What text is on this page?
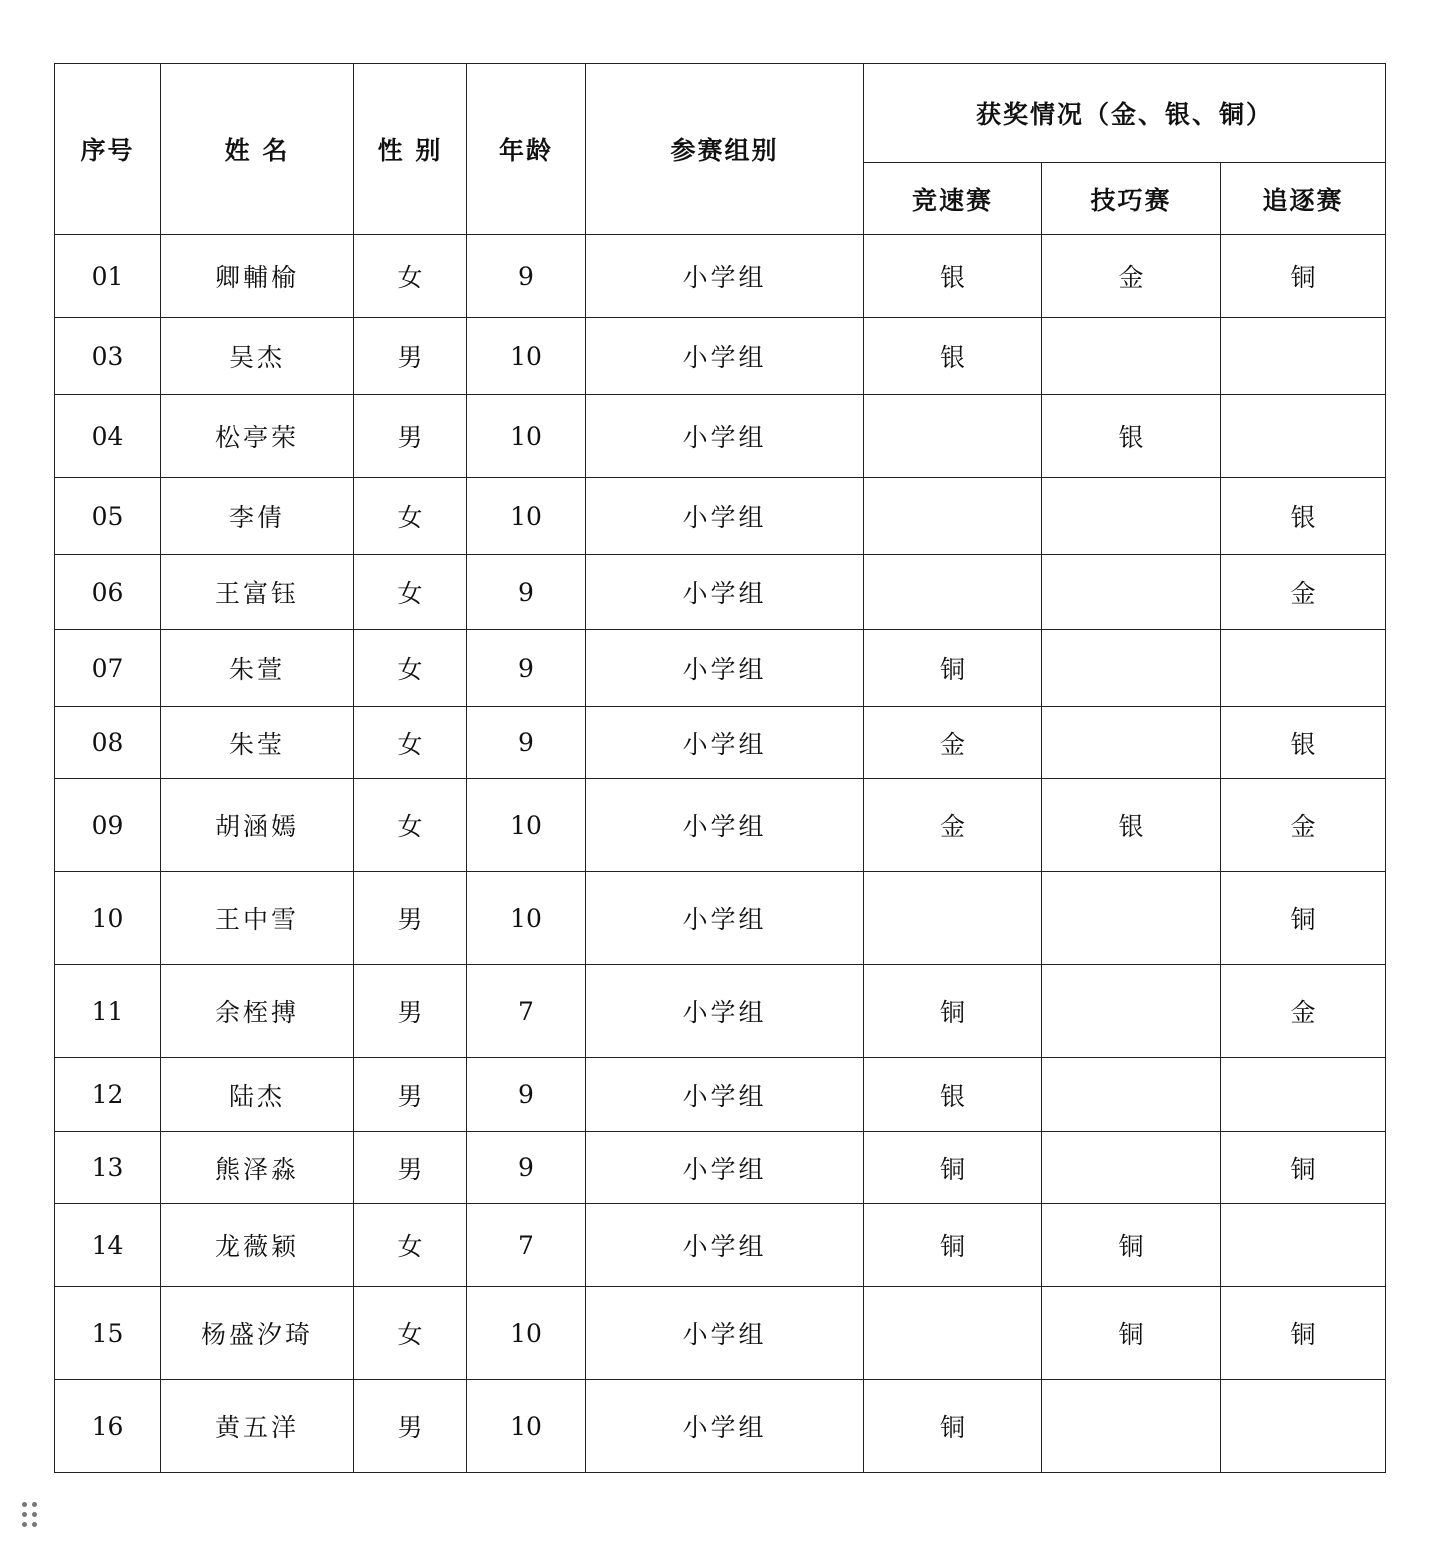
序号	姓 名	性 别	年龄	参赛组别	获奖情况（金、银、铜）		
					竞速赛	技巧赛	追逐赛
01	卿輔榆	女	9	小学组	银	金	铜
03	吴杰	男	10	小学组	银		
04	松亭荣	男	10	小学组		银	
05	李倩	女	10	小学组			银
06	王富钰	女	9	小学组			金
07	朱萱	女	9	小学组	铜		
08	朱莹	女	9	小学组	金		银
09	胡涵嫣	女	10	小学组	金	银	金
10	王中雪	男	10	小学组			铜
11	余桎搏	男	7	小学组	铜		金
12	陆杰	男	9	小学组	银		
13	熊泽淼	男	9	小学组	铜		铜
14	龙薇颖	女	7	小学组	铜	铜	
15	杨盛汐琦	女	10	小学组		铜	铜
16	黄五洋	男	10	小学组	铜		
